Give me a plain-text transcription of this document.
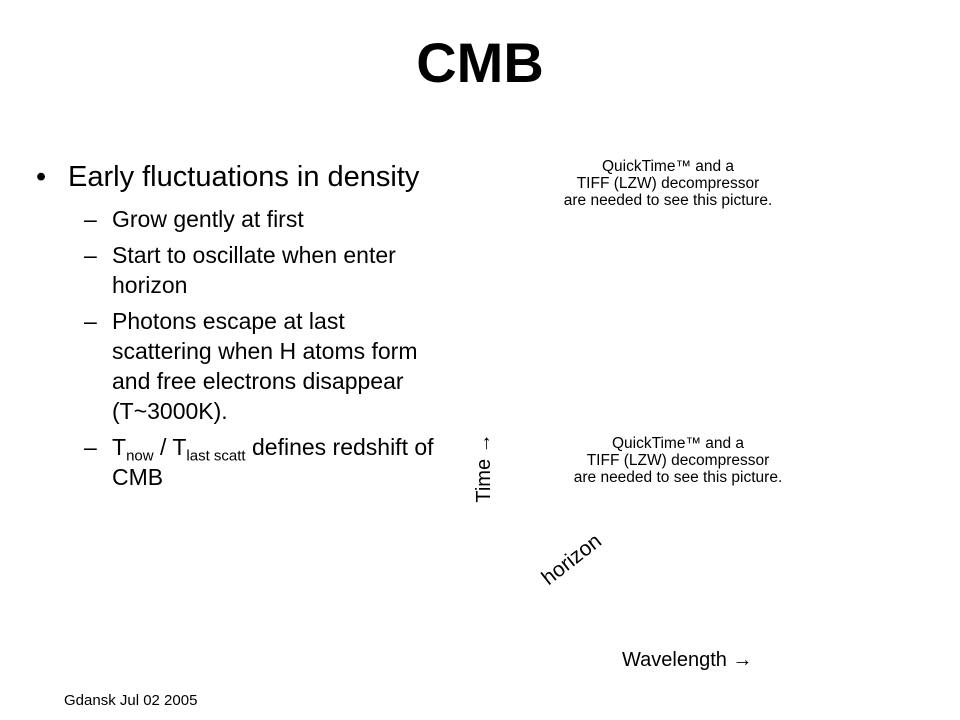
CMB
• Early fluctuations in density
– Grow gently at first
– Start to oscillate when enter horizon
– Photons escape at last scattering when H atoms form and free electrons disappear (T~3000K).
– $T_{now} / T_{last scatt}$ defines redshift of CMB
QuickTime™ and a
TIFF (LZW) decompressor
are needed to see this picture.
QuickTime™ and a
TIFF (LZW) decompressor
are needed to see this picture.
Time →
horizon
Wavelength →
Gdansk Jul 02 2005
